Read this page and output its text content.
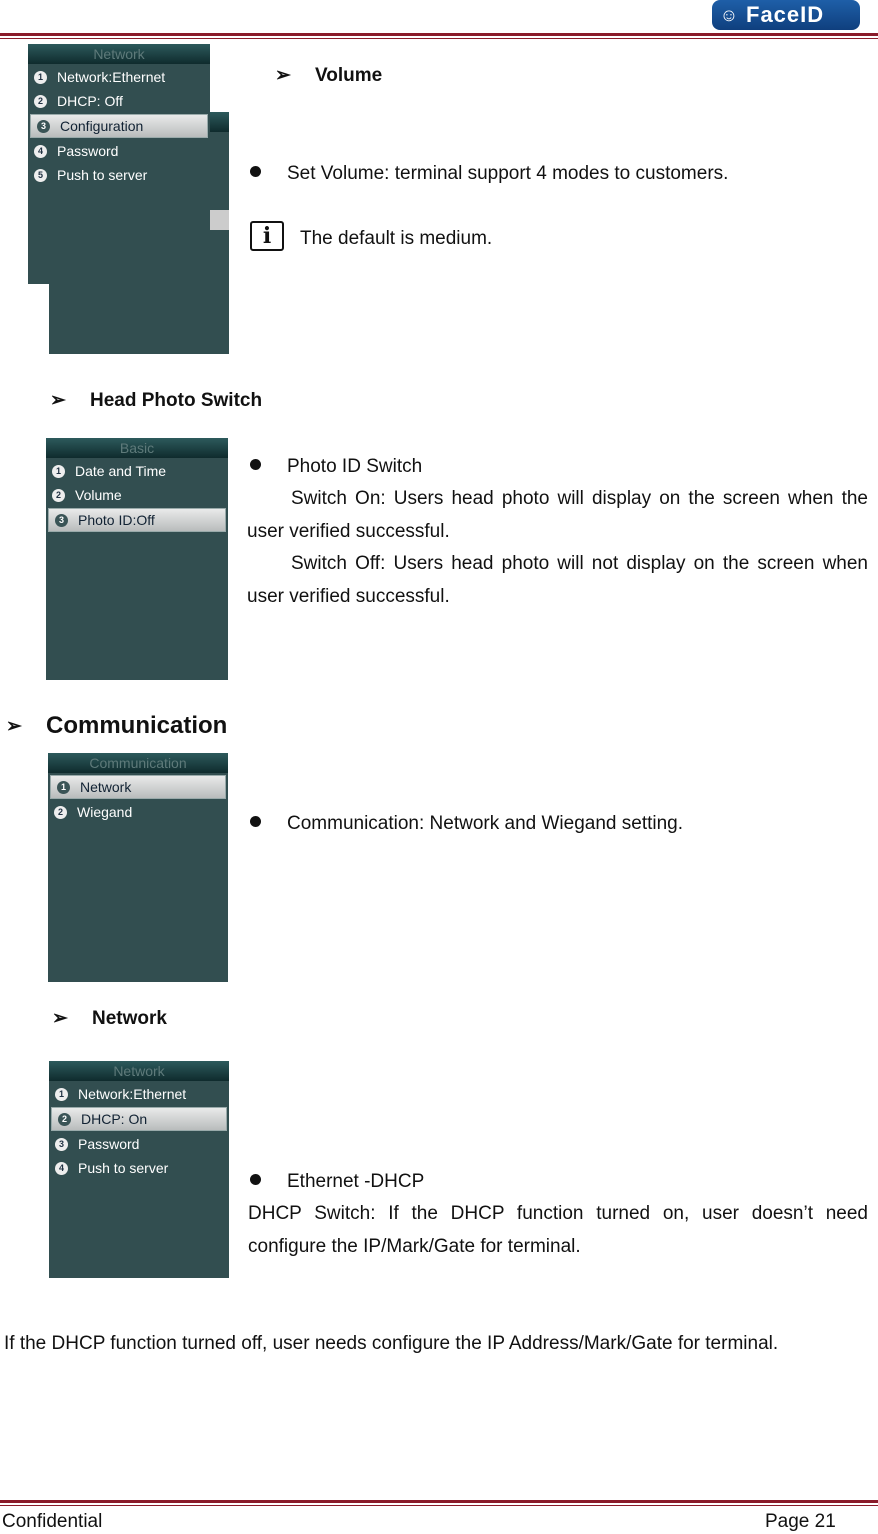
☺ FaceID
Network
1 Network:Ethernet
2 DHCP: Off
3 Configuration
4 Password
5 Push to server
➢	Volume
Set Volume: terminal support 4 modes to customers.
i	The default is medium.
➢	Head Photo Switch
Basic
1 Date and Time
2 Volume
3 Photo ID:Off
Photo ID Switch
Switch On: Users head photo will display on the screen when the user verified successful.
Switch Off: Users head photo will not display on the screen when user verified successful.
➢	Communication
Communication
1 Network
2 Wiegand
Communication: Network and Wiegand setting.
➢	Network
Network
1 Network:Ethernet
2 DHCP: On
3 Password
4 Push to server
Ethernet -DHCP
DHCP Switch: If the DHCP function turned on, user doesn’t need configure the IP/Mark/Gate for terminal.
If the DHCP function turned off, user needs configure the IP Address/Mark/Gate for terminal.
Confidential	Page 21
